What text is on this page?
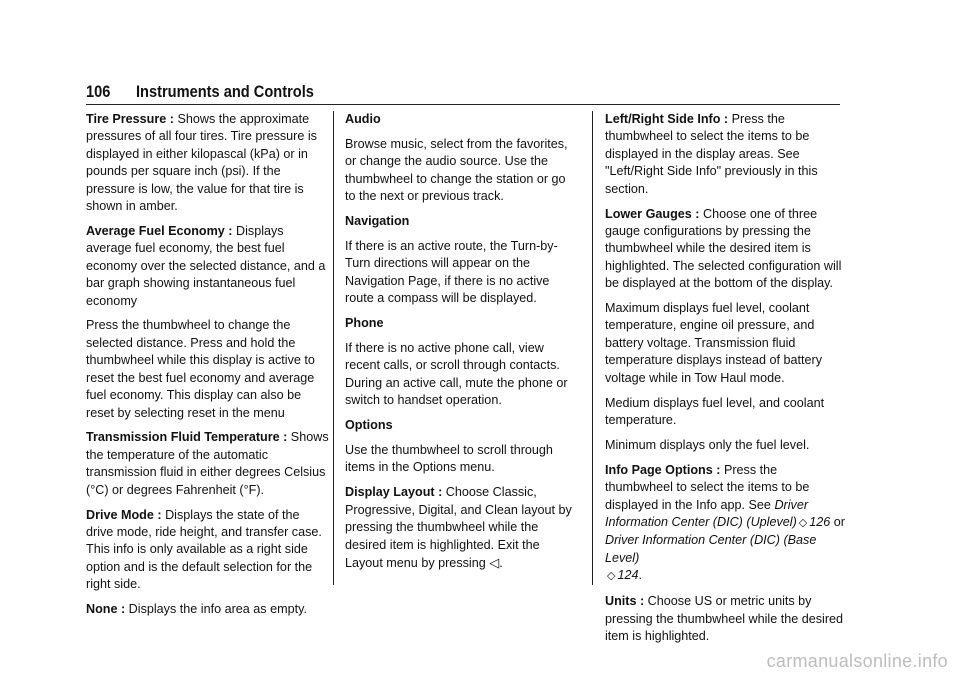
106 Instruments and Controls

Tire Pressure : Shows the approximate pressures of all four tires. Tire pressure is displayed in either kilopascal (kPa) or in pounds per square inch (psi). If the pressure is low, the value for that tire is shown in amber.

Average Fuel Economy : Displays average fuel economy, the best fuel economy over the selected distance, and a bar graph showing instantaneous fuel economy

Press the thumbwheel to change the selected distance. Press and hold the thumbwheel while this display is active to reset the best fuel economy and average fuel economy. This display can also be reset by selecting reset in the menu

Transmission Fluid Temperature : Shows the temperature of the automatic transmission fluid in either degrees Celsius (°C) or degrees Fahrenheit (°F).

Drive Mode : Displays the state of the drive mode, ride height, and transfer case. This info is only available as a right side option and is the default selection for the right side.

None : Displays the info area as empty.

Audio

Browse music, select from the favorites, or change the audio source. Use the thumbwheel to change the station or go to the next or previous track.

Navigation

If there is an active route, the Turn-by-Turn directions will appear on the Navigation Page, if there is no active route a compass will be displayed.

Phone

If there is no active phone call, view recent calls, or scroll through contacts. During an active call, mute the phone or switch to handset operation.

Options

Use the thumbwheel to scroll through items in the Options menu.

Display Layout : Choose Classic, Progressive, Digital, and Clean layout by pressing the thumbwheel while the desired item is highlighted. Exit the Layout menu by pressing ◁.

Left/Right Side Info : Press the thumbwheel to select the items to be displayed in the display areas. See "Left/Right Side Info" previously in this section.

Lower Gauges : Choose one of three gauge configurations by pressing the thumbwheel while the desired item is highlighted. The selected configuration will be displayed at the bottom of the display.

Maximum displays fuel level, coolant temperature, engine oil pressure, and battery voltage. Transmission fluid temperature displays instead of battery voltage while in Tow Haul mode.

Medium displays fuel level, and coolant temperature.

Minimum displays only the fuel level.

Info Page Options : Press the thumbwheel to select the items to be displayed in the Info app. See Driver Information Center (DIC) (Uplevel) ◇ 126 or
Driver Information Center (DIC) (Base Level)
◇ 124.

Units : Choose US or metric units by pressing the thumbwheel while the desired item is highlighted.

carmanualsonline.info
